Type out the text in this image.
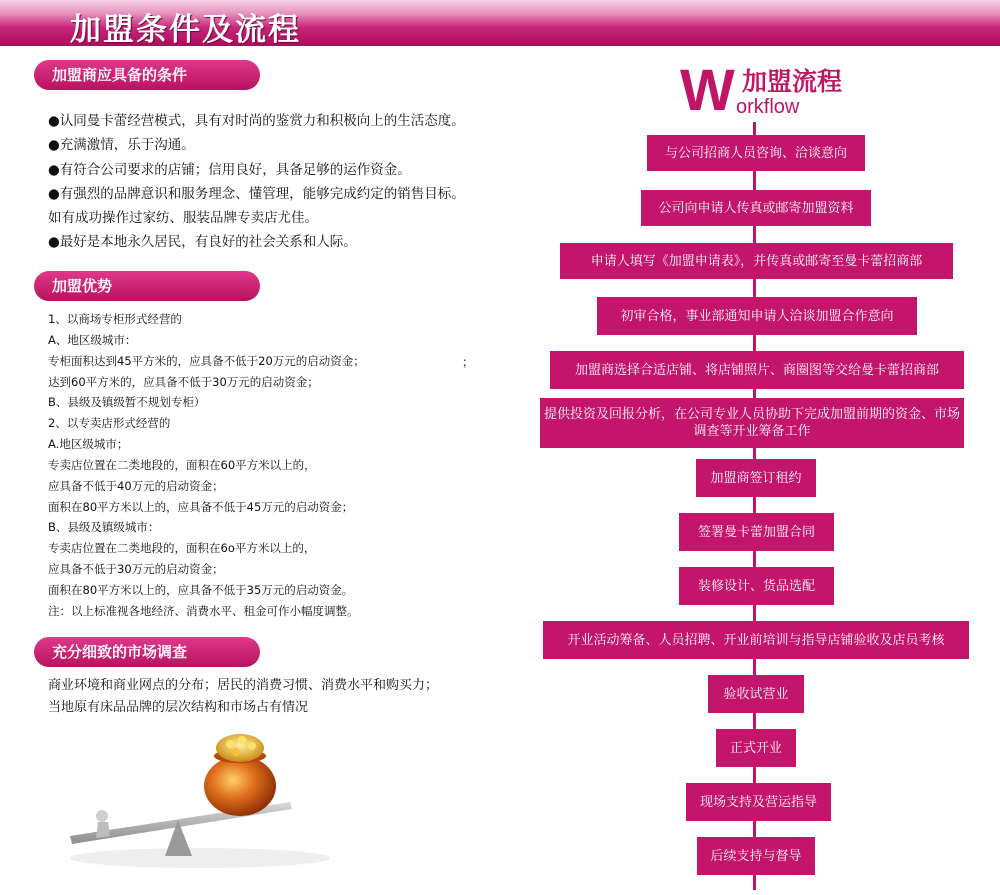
加盟条件及流程
加盟商应具备的条件
●认同曼卡蕾经营模式，具有对时尚的鉴赏力和积极向上的生活态度。
●充满激情，乐于沟通。
●有符合公司要求的店铺；信用良好，具备足够的运作资金。
●有强烈的品牌意识和服务理念、懂管理，能够完成约定的销售目标。
如有成功操作过家纺、服装品牌专卖店尤佳。
●最好是本地永久居民，有良好的社会关系和人际。
加盟优势
1、以商场专柜形式经营的
A、地区级城市：
专柜面积达到45平方米的，应具备不低于20万元的启动资金；
达到60平方米的，应具备不低于30万元的启动资金；
B、县级及镇级暂不规划专柜）
2、以专卖店形式经营的
A.地区级城市；
专卖店位置在二类地段的，面积在60平方米以上的，
应具备不低于40万元的启动资金；
面积在80平方米以上的，应具备不低于45万元的启动资金；
B、县级及镇级城市：
专卖店位置在二类地段的，面积在6o平方米以上的，
应具备不低于30万元的启动资金；
面积在80平方米以上的，应具备不低于35万元的启动资金。
注：以上标准视各地经济、消费水平、租金可作小幅度调整。
；
充分细致的市场调查
商业环境和商业网点的分布；居民的消费习惯、消费水平和购买力；
当地原有床品品牌的层次结构和市场占有情况
W 加盟流程
orkflow
与公司招商人员咨询、洽谈意向
公司向申请人传真或邮寄加盟资料
申请人填写《加盟申请表》，并传真或邮寄至曼卡蕾招商部
初审合格，事业部通知申请人洽谈加盟合作意向
加盟商选择合适店铺、将店铺照片、商圈图等交给曼卡蕾招商部
提供投资及回报分析，在公司专业人员协助下完成加盟前期的资金、市场调查等开业筹备工作
加盟商签订租约
签署曼卡蕾加盟合同
装修设计、货品选配
开业活动筹备、人员招聘、开业前培训与指导店铺验收及店员考核
验收试营业
正式开业
现场支持及营运指导
后续支持与督导
